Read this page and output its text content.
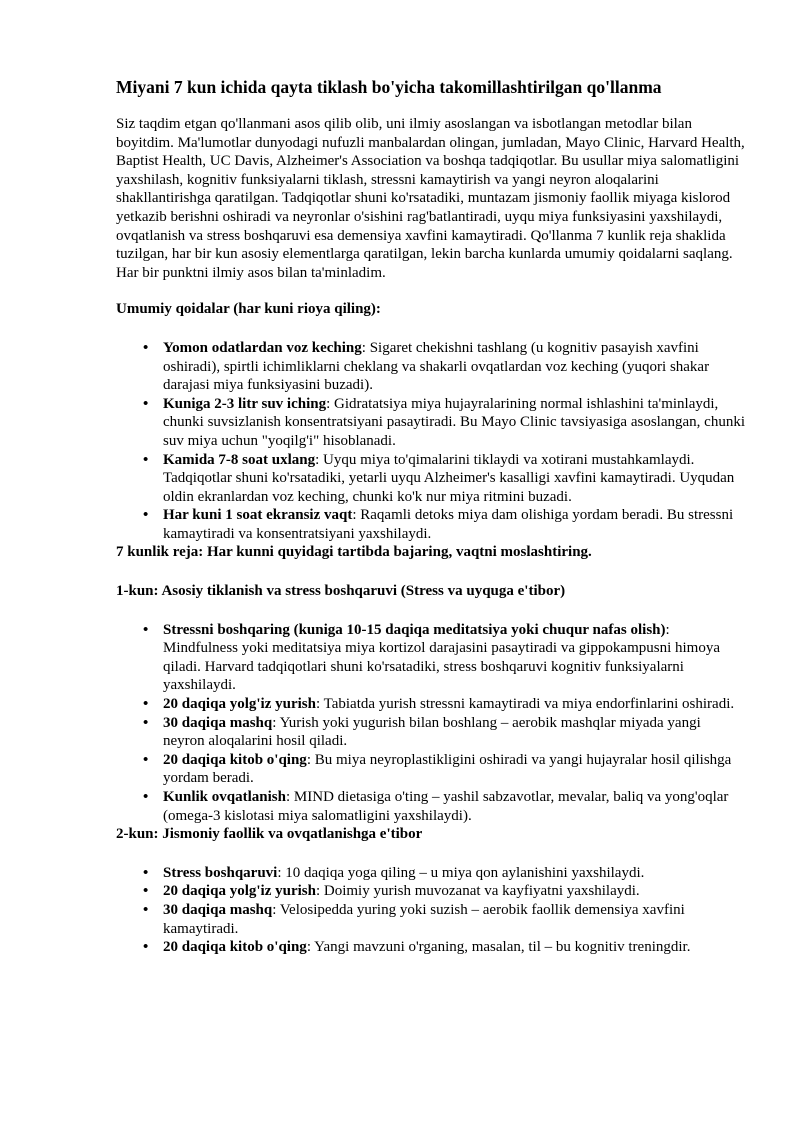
Miyani 7 kun ichida qayta tiklash bo'yicha takomillashtirilgan qo'llanma

Siz taqdim etgan qo'llanmani asos qilib olib, uni ilmiy asoslangan va isbotlangan metodlar bilan boyitdim. Ma'lumotlar dunyodagi nufuzli manbalardan olingan, jumladan, Mayo Clinic, Harvard Health, Baptist Health, UC Davis, Alzheimer's Association va boshqa tadqiqotlar. Bu usullar miya salomatligini yaxshilash, kognitiv funksiyalarni tiklash, stressni kamaytirish va yangi neyron aloqalarini shakllantirishga qaratilgan. Tadqiqotlar shuni ko'rsatadiki, muntazam jismoniy faollik miyaga kislorod yetkazib berishni oshiradi va neyronlar o'sishini rag'batlantiradi, uyqu miya funksiyasini yaxshilaydi, ovqatlanish va stress boshqaruvi esa demensiya xavfini kamaytiradi. Qo'llanma 7 kunlik reja shaklida tuzilgan, har bir kun asosiy elementlarga qaratilgan, lekin barcha kunlarda umumiy qoidalarni saqlang. Har bir punktni ilmiy asos bilan ta'minladim.

Umumiy qoidalar (har kuni rioya qiling):

• Yomon odatlardan voz keching: Sigaret chekishni tashlang (u kognitiv pasayish xavfini oshiradi), spirtli ichimliklarni cheklang va shakarli ovqatlardan voz keching (yuqori shakar darajasi miya funksiyasini buzadi).
• Kuniga 2-3 litr suv iching: Gidratatsiya miya hujayralarining normal ishlashini ta'minlaydi, chunki suvsizlanish konsentratsiyani pasaytiradi. Bu Mayo Clinic tavsiyasiga asoslangan, chunki suv miya uchun "yoqilg'i" hisoblanadi.
• Kamida 7-8 soat uxlang: Uyqu miya to'qimalarini tiklaydi va xotirani mustahkamlaydi. Tadqiqotlar shuni ko'rsatadiki, yetarli uyqu Alzheimer's kasalligi xavfini kamaytiradi. Uyqudan oldin ekranlardan voz keching, chunki ko'k nur miya ritmini buzadi.
• Har kuni 1 soat ekransiz vaqt: Raqamli detoks miya dam olishiga yordam beradi. Bu stressni kamaytiradi va konsentratsiyani yaxshilaydi.

7 kunlik reja: Har kunni quyidagi tartibda bajaring, vaqtni moslashtiring.

1-kun: Asosiy tiklanish va stress boshqaruvi (Stress va uyquga e'tibor)

• Stressni boshqaring (kuniga 10-15 daqiqa meditatsiya yoki chuqur nafas olish): Mindfulness yoki meditatsiya miya kortizol darajasini pasaytiradi va gippokampusni himoya qiladi. Harvard tadqiqotlari shuni ko'rsatadiki, stress boshqaruvi kognitiv funksiyalarni yaxshilaydi.
• 20 daqiqa yolg'iz yurish: Tabiatda yurish stressni kamaytiradi va miya endorfinlarini oshiradi.
• 30 daqiqa mashq: Yurish yoki yugurish bilan boshlang – aerobik mashqlar miyada yangi neyron aloqalarini hosil qiladi.
• 20 daqiqa kitob o'qing: Bu miya neyroplastikligini oshiradi va yangi hujayralar hosil qilishga yordam beradi.
• Kunlik ovqatlanish: MIND dietasiga o'ting – yashil sabzavotlar, mevalar, baliq va yong'oqlar (omega-3 kislotasi miya salomatligini yaxshilaydi).

2-kun: Jismoniy faollik va ovqatlanishga e'tibor

• Stress boshqaruvi: 10 daqiqa yoga qiling – u miya qon aylanishini yaxshilaydi.
• 20 daqiqa yolg'iz yurish: Doimiy yurish muvozanat va kayfiyatni yaxshilaydi.
• 30 daqiqa mashq: Velosipedda yuring yoki suzish – aerobik faollik demensiya xavfini kamaytiradi.
• 20 daqiqa kitob o'qing: Yangi mavzuni o'rganing, masalan, til – bu kognitiv treningdir.
